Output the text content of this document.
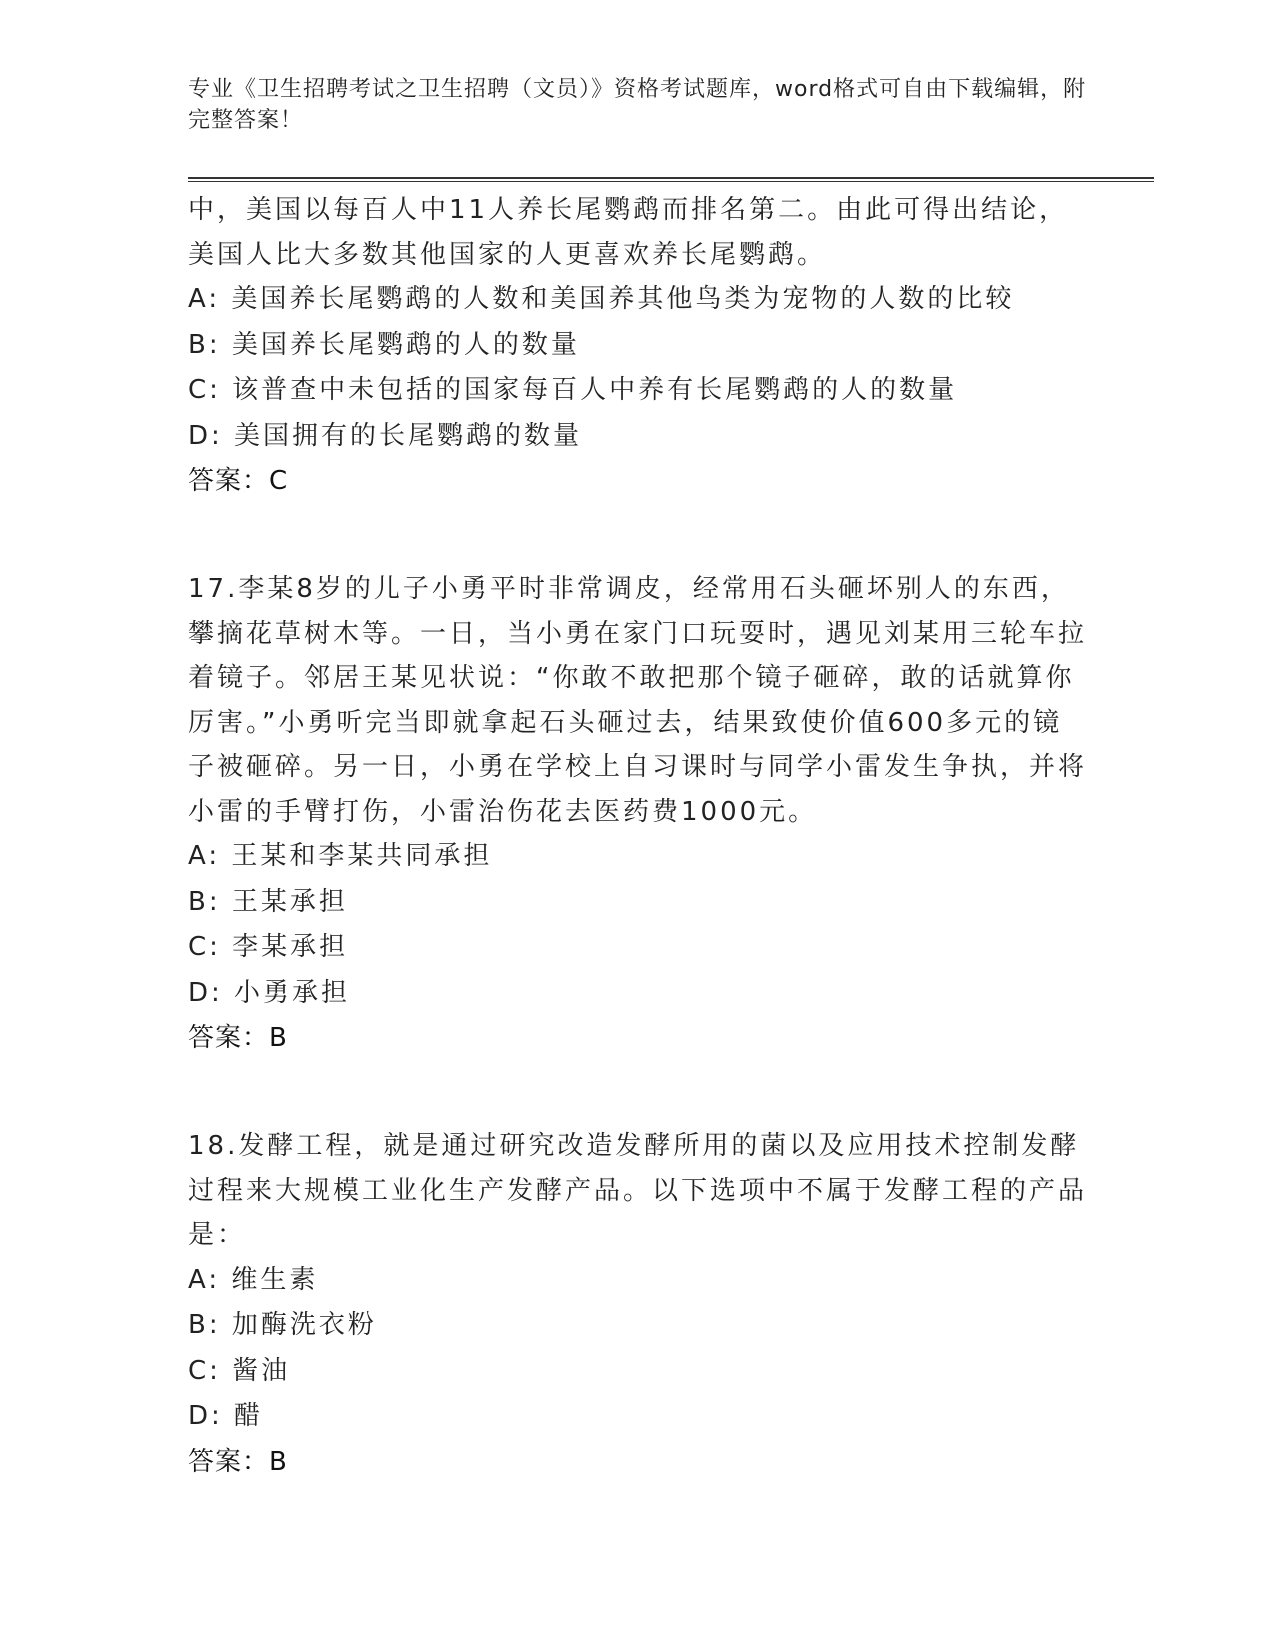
专业《卫生招聘考试之卫生招聘（文员）》资格考试题库，word格式可自由下载编辑，附完整答案！

中，美国以每百人中11人养长尾鹦鹉而排名第二。由此可得出结论，美国人比大多数其他国家的人更喜欢养长尾鹦鹉。

A: 美国养长尾鹦鹉的人数和美国养其他鸟类为宠物的人数的比较

B: 美国养长尾鹦鹉的人的数量

C: 该普查中未包括的国家每百人中养有长尾鹦鹉的人的数量

D: 美国拥有的长尾鹦鹉的数量

答案：C

17.李某8岁的儿子小勇平时非常调皮，经常用石头砸坏别人的东西，攀摘花草树木等。一日，当小勇在家门口玩耍时，遇见刘某用三轮车拉着镜子。邻居王某见状说：“你敢不敢把那个镜子砸碎，敢的话就算你厉害。”小勇听完当即就拿起石头砸过去，结果致使价值600多元的镜子被砸碎。另一日，小勇在学校上自习课时与同学小雷发生争执，并将小雷的手臂打伤，小雷治伤花去医药费1000元。

A: 王某和李某共同承担

B: 王某承担

C: 李某承担

D: 小勇承担

答案：B

18.发酵工程，就是通过研究改造发酵所用的菌以及应用技术控制发酵过程来大规模工业化生产发酵产品。以下选项中不属于发酵工程的产品是：

A: 维生素

B: 加酶洗衣粉

C: 酱油

D: 醋

答案：B
